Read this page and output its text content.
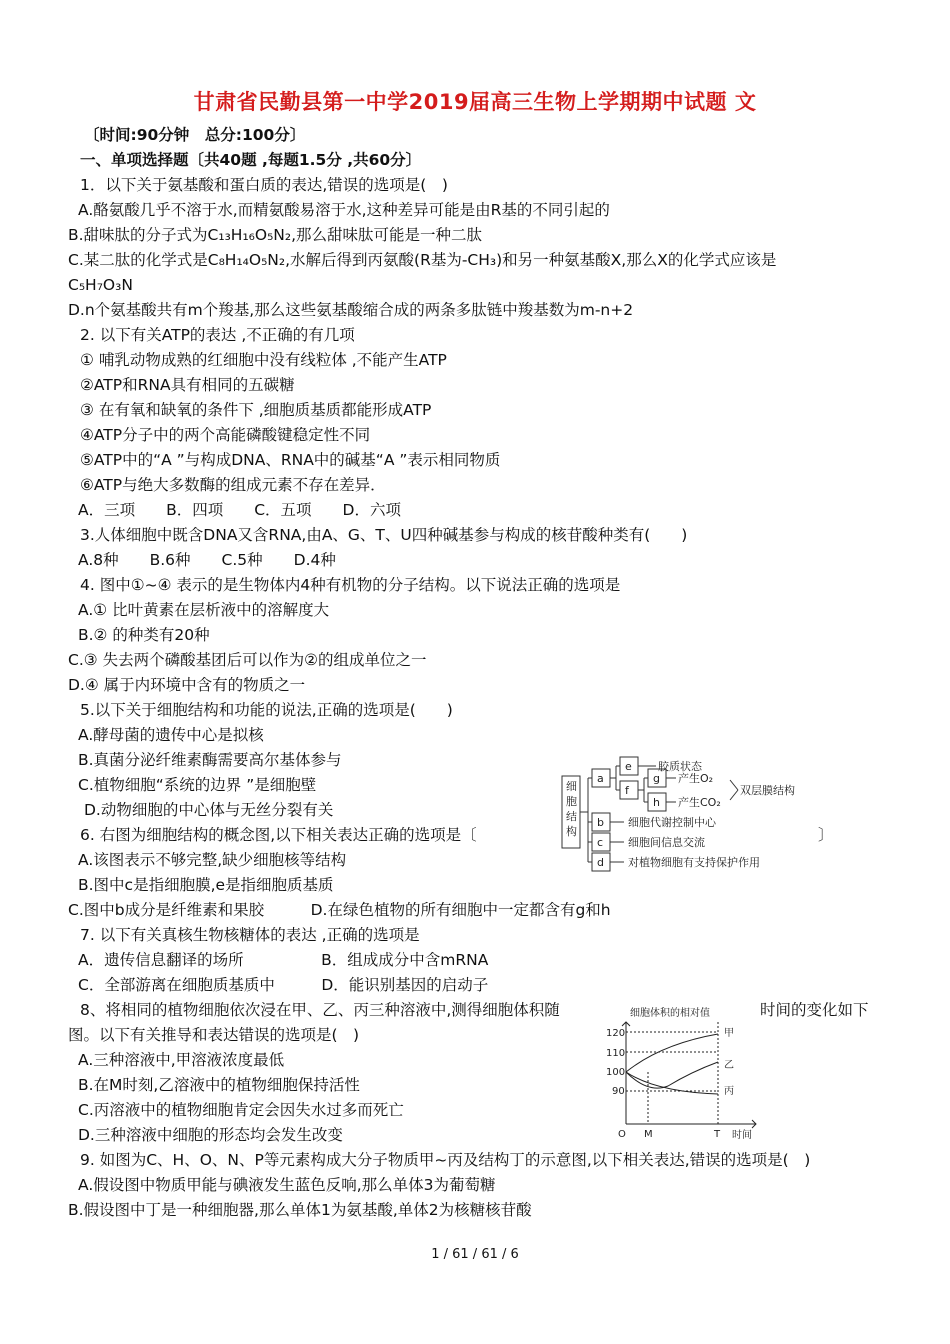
甘肃省民勤县第一中学2019届高三生物上学期期中试题 文
〔时间:90分钟　总分:100分〕
一、单项选择题〔共40题 ,每题1.5分 ,共60分〕
1．以下关于氨基酸和蛋白质的表达,错误的选项是(　)
A.酪氨酸几乎不溶于水,而精氨酸易溶于水,这种差异可能是由R基的不同引起的
B.甜味肽的分子式为C₁₃H₁₆O₅N₂,那么甜味肽可能是一种二肽
C.某二肽的化学式是C₈H₁₄O₅N₂,水解后得到丙氨酸(R基为-CH₃)和另一种氨基酸X,那么X的化学式应该是
C₅H₇O₃N
D.n个氨基酸共有m个羧基,那么这些氨基酸缩合成的两条多肽链中羧基数为m-n+2
2. 以下有关ATP的表达 ,不正确的有几项
① 哺乳动物成熟的红细胞中没有线粒体 ,不能产生ATP
②ATP和RNA具有相同的五碳糖
③ 在有氧和缺氧的条件下 ,细胞质基质都能形成ATP
④ATP分子中的两个高能磷酸键稳定性不同
⑤ATP中的“A ”与构成DNA、RNA中的碱基“A ”表示相同物质
⑥ATP与绝大多数酶的组成元素不存在差异．
A．三项　　B．四项　　C．五项　　D．六项
3.人体细胞中既含DNA又含RNA,由A、G、T、U四种碱基参与构成的核苷酸种类有(　　)
A.8种　　B.6种　　C.5种　　D.4种
4. 图中①~④ 表示的是生物体内4种有机物的分子结构。以下说法正确的选项是
A.① 比叶黄素在层析液中的溶解度大
B.② 的种类有20种
C.③ 失去两个磷酸基团后可以作为②的组成单位之一
D.④ 属于内环境中含有的物质之一
5.以下关于细胞结构和功能的说法,正确的选项是(　　)
A.酵母菌的遗传中心是拟核
B.真菌分泌纤维素酶需要高尔基体参与
C.植物细胞“系统的边界 ”是细胞壁
D.动物细胞的中心体与无丝分裂有关
6. 右图为细胞结构的概念图,以下相关表达正确的选项是〔	〕
A.该图表示不够完整,缺少细胞核等结构
B.图中c是指细胞膜,e是指细胞质基质
C.图中b成分是纤维素和果胶　　　D.在绿色植物的所有细胞中一定都含有g和h
7. 以下有关真核生物核糖体的表达 ,正确的选项是
A．遗传信息翻译的场所　　　　　B．组成成分中含mRNA
C．全部游离在细胞质基质中　　　D．能识别基因的启动子
8、将相同的植物细胞依次浸在甲、乙、丙三种溶液中,测得细胞体积随	时间的变化如下
图。以下有关推导和表达错误的选项是(　)
A.三种溶液中,甲溶液浓度最低
B.在M时刻,乙溶液中的植物细胞保持活性
C.丙溶液中的植物细胞肯定会因失水过多而死亡
D.三种溶液中细胞的形态均会发生改变
9. 如图为C、H、O、N、P等元素构成大分子物质甲~丙及结构丁的示意图,以下相关表达,错误的选项是(　)
A.假设图中物质甲能与碘液发生蓝色反响,那么单体3为葡萄糖
B.假设图中丁是一种细胞器,那么单体1为氨基酸,单体2为核糖核苷酸
细
胞
结
构
a
b
c
d
e
f
g
h
胶质状态
产生O₂
产生CO₂
双层膜结构
细胞代谢控制中心
细胞间信息交流
对植物细胞有支持保护作用
细胞体积的相对值
120
110
100
90
O M	T 时间
甲
乙
丙
1 / 61 / 61 / 6
